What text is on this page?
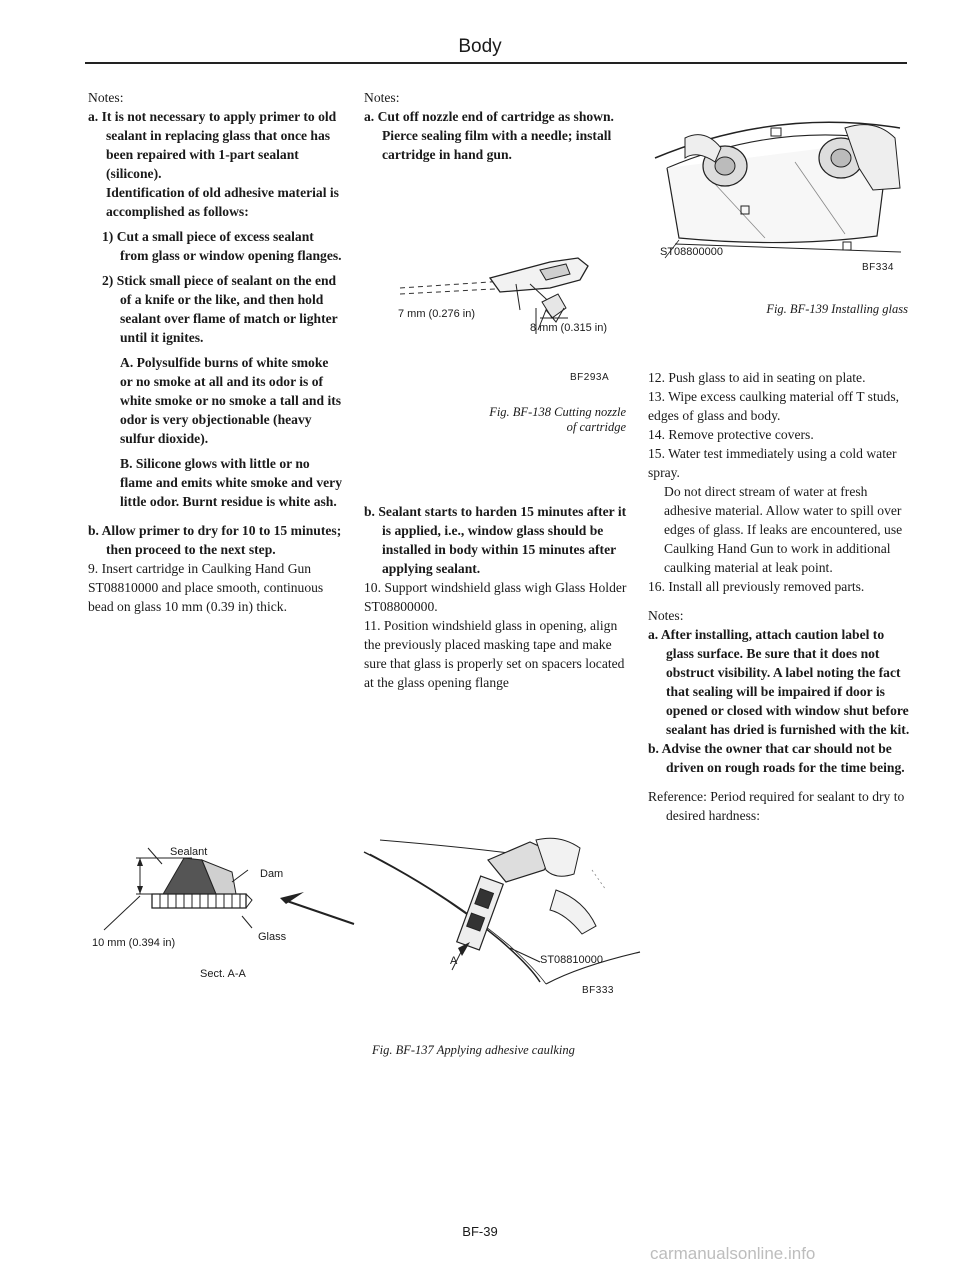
Body

Notes:

a. It is not necessary to apply primer to old sealant in replacing glass that once has been repaired with 1-part sealant (silicone).

Identification of old adhesive material is accomplished as follows:

1) Cut a small piece of excess sealant from glass or window opening flanges.

2) Stick small piece of sealant on the end of a knife or the like, and then hold sealant over flame of match or lighter until it ignites.

A. Polysulfide burns of white smoke or no smoke at all and its odor is of white smoke or no smoke a tall and its odor is very objectionable (heavy sulfur dioxide).

B. Silicone glows with little or no flame and emits white smoke and very little odor. Burnt residue is white ash.

b. Allow primer to dry for 10 to 15 minutes; then proceed to the next step.

9. Insert cartridge in Caulking Hand Gun ST08810000 and place smooth, continuous bead on glass 10 mm (0.39 in) thick.

Notes:

a. Cut off nozzle end of cartridge as shown.

Pierce sealing film with a needle; install cartridge in hand gun.

7 mm (0.276 in)
8 mm (0.315 in)
BF293A
Fig. BF-138 Cutting nozzle
of cartridge

b. Sealant starts to harden 15 minutes after it is applied, i.e., window glass should be installed in body within 15 minutes after applying sealant.

10. Support windshield glass wigh Glass Holder ST08800000.

11. Position windshield glass in opening, align the previously placed masking tape and make sure that glass is properly set on spacers located at the glass opening flange

ST08800000
BF334
Fig. BF-139 Installing glass

12. Push glass to aid in seating on plate.

13. Wipe excess caulking material off T studs, edges of glass and body.

14. Remove protective covers.

15. Water test immediately using a cold water spray.

Do not direct stream of water at fresh adhesive material. Allow water to spill over edges of glass. If leaks are encountered, use Caulking Hand Gun to work in additional caulking material at leak point.

16. Install all previously removed parts.

Notes:

a. After installing, attach caution label to glass surface. Be sure that it does not obstruct visibility. A label noting the fact that sealing will be impaired if door is opened or closed with window shut before sealant has dried is furnished with the kit.

b. Advise the owner that car should not be driven on rough roads for the time being.

Reference: Period required for sealant to dry to desired hardness:

Sealant
Dam
Glass
10 mm (0.394 in)
Sect. A-A
A	ST08810000
BF333
Fig. BF-137 Applying adhesive caulking
BF-39
carmanualsonline.info
